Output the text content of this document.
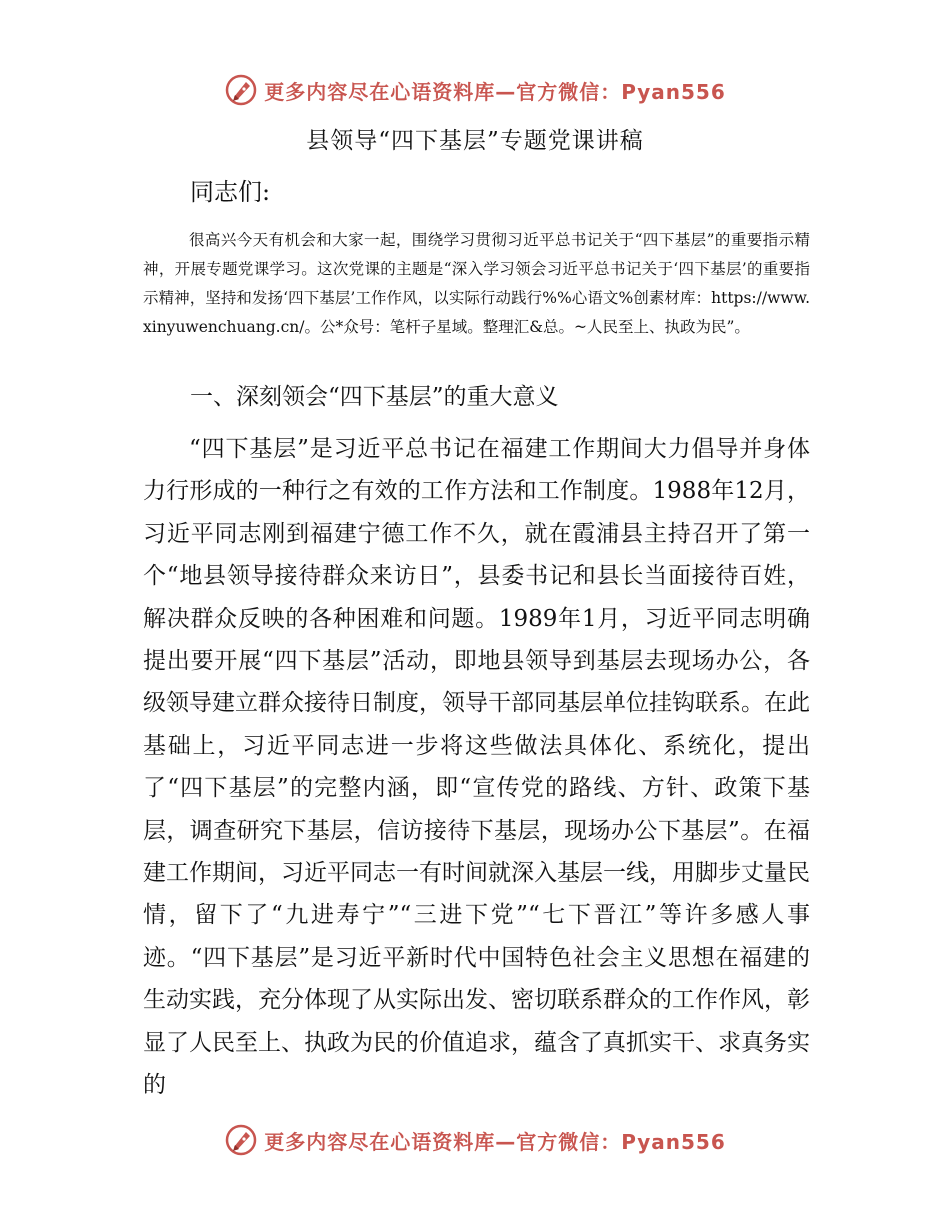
更多内容尽在心语资料库—官方微信：Pyan556
县领导“四下基层”专题党课讲稿
同志们:

很高兴今天有机会和大家一起，围绕学习贯彻习近平总书记关于“四下基层”的重要指示精神，开展专题党课学习。这次党课的主题是“深入学习领会习近平总书记关于‘四下基层’的重要指示精神，坚持和发扬‘四下基层’工作作风，以实际行动践行%%心语文%创素材库：https://www.xinyuwenchuang.cn/。公*众号：笔杆子星域。整理汇&总。~人民至上、执政为民”。

一、深刻领会“四下基层”的重大意义

“四下基层”是习近平总书记在福建工作期间大力倡导并身体力行形成的一种行之有效的工作方法和工作制度。1988年12月，习近平同志刚到福建宁德工作不久，就在霞浦县主持召开了第一个“地县领导接待群众来访日”，县委书记和县长当面接待百姓，解决群众反映的各种困难和问题。1989年1月，习近平同志明确提出要开展“四下基层”活动，即地县领导到基层去现场办公，各级领导建立群众接待日制度，领导干部同基层单位挂钩联系。在此基础上，习近平同志进一步将这些做法具体化、系统化，提出了“四下基层”的完整内涵，即“宣传党的路线、方针、政策下基层，调查研究下基层，信访接待下基层，现场办公下基层”。在福建工作期间，习近平同志一有时间就深入基层一线，用脚步丈量民情，留下了“九进寿宁”“三进下党”“七下晋江”等许多感人事迹。“四下基层”是习近平新时代中国特色社会主义思想在福建的生动实践，充分体现了从实际出发、密切联系群众的工作作风，彰显了人民至上、执政为民的价值追求，蕴含了真抓实干、求真务实的

更多内容尽在心语资料库—官方微信：Pyan556
